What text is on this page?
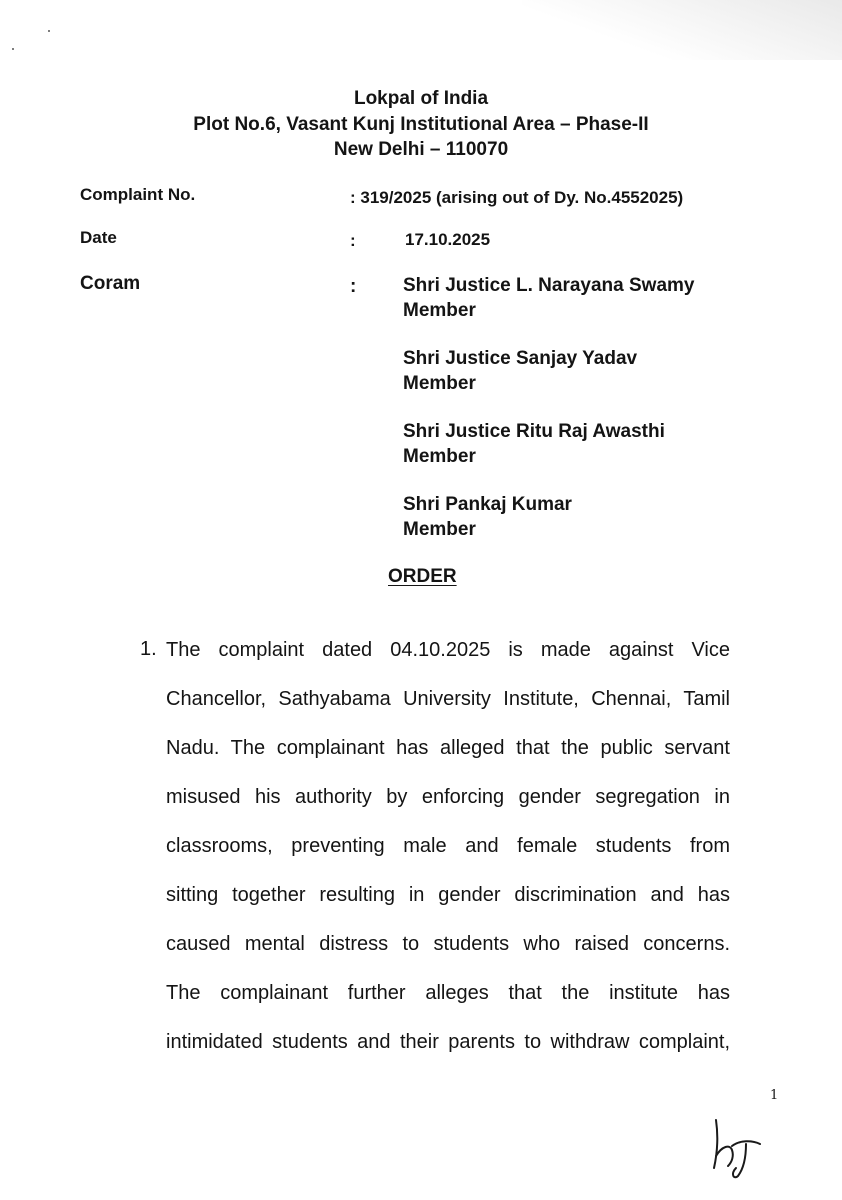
Lokpal of India
Plot No.6, Vasant Kunj Institutional Area – Phase-II
New Delhi – 110070
Complaint No.	: 319/2025 (arising out of Dy. No.4552025)
Date	:	17.10.2025
Coram	: Shri Justice L. Narayana Swamy
Member
Shri Justice Sanjay Yadav
Member
Shri Justice Ritu Raj Awasthi
Member
Shri Pankaj Kumar
Member
ORDER
1. The complaint dated 04.10.2025 is made against Vice
Chancellor, Sathyabama University Institute, Chennai, Tamil
Nadu. The complainant has alleged that the public servant
misused his authority by enforcing gender segregation in
classrooms, preventing male and female students from
sitting together resulting in gender discrimination and has
caused mental distress to students who raised concerns.
The complainant further alleges that the institute has
intimidated students and their parents to withdraw complaint,
1
